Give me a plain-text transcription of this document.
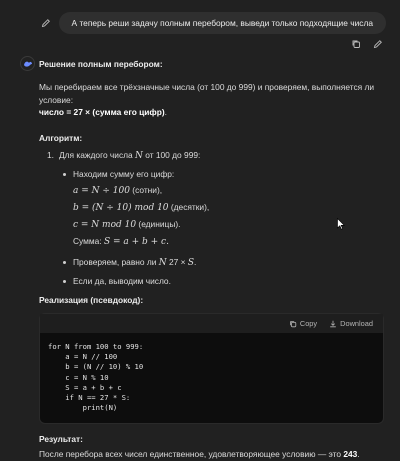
А теперь реши задачу полным перебором, выведи только подходящие числа
Решение полным перебором:
Мы перебираем все трёхзначные числа (от 100 до 999) и проверяем, выполняется ли условие:
число = 27 × (сумма его цифр).
Алгоритм:
1. Для каждого числа N от 100 до 999:
Находим сумму его цифр:
a = N ÷ 100 (сотни),
b = (N ÷ 10) mod 10 (десятки),
c = N mod 10 (единицы).
Сумма: S = a + b + c.
Проверяем, равно ли N 27 × S.
Если да, выводим число.
Реализация (псевдокод):
Copy	Download
for N from 100 to 999:
a = N // 100
b = (N // 10) % 10
c = N % 10
S = a + b + c
if N == 27 * S:
print(N)
Результат:
После перебора всех чисел единственное, удовлетворяющее условию — это 243.
